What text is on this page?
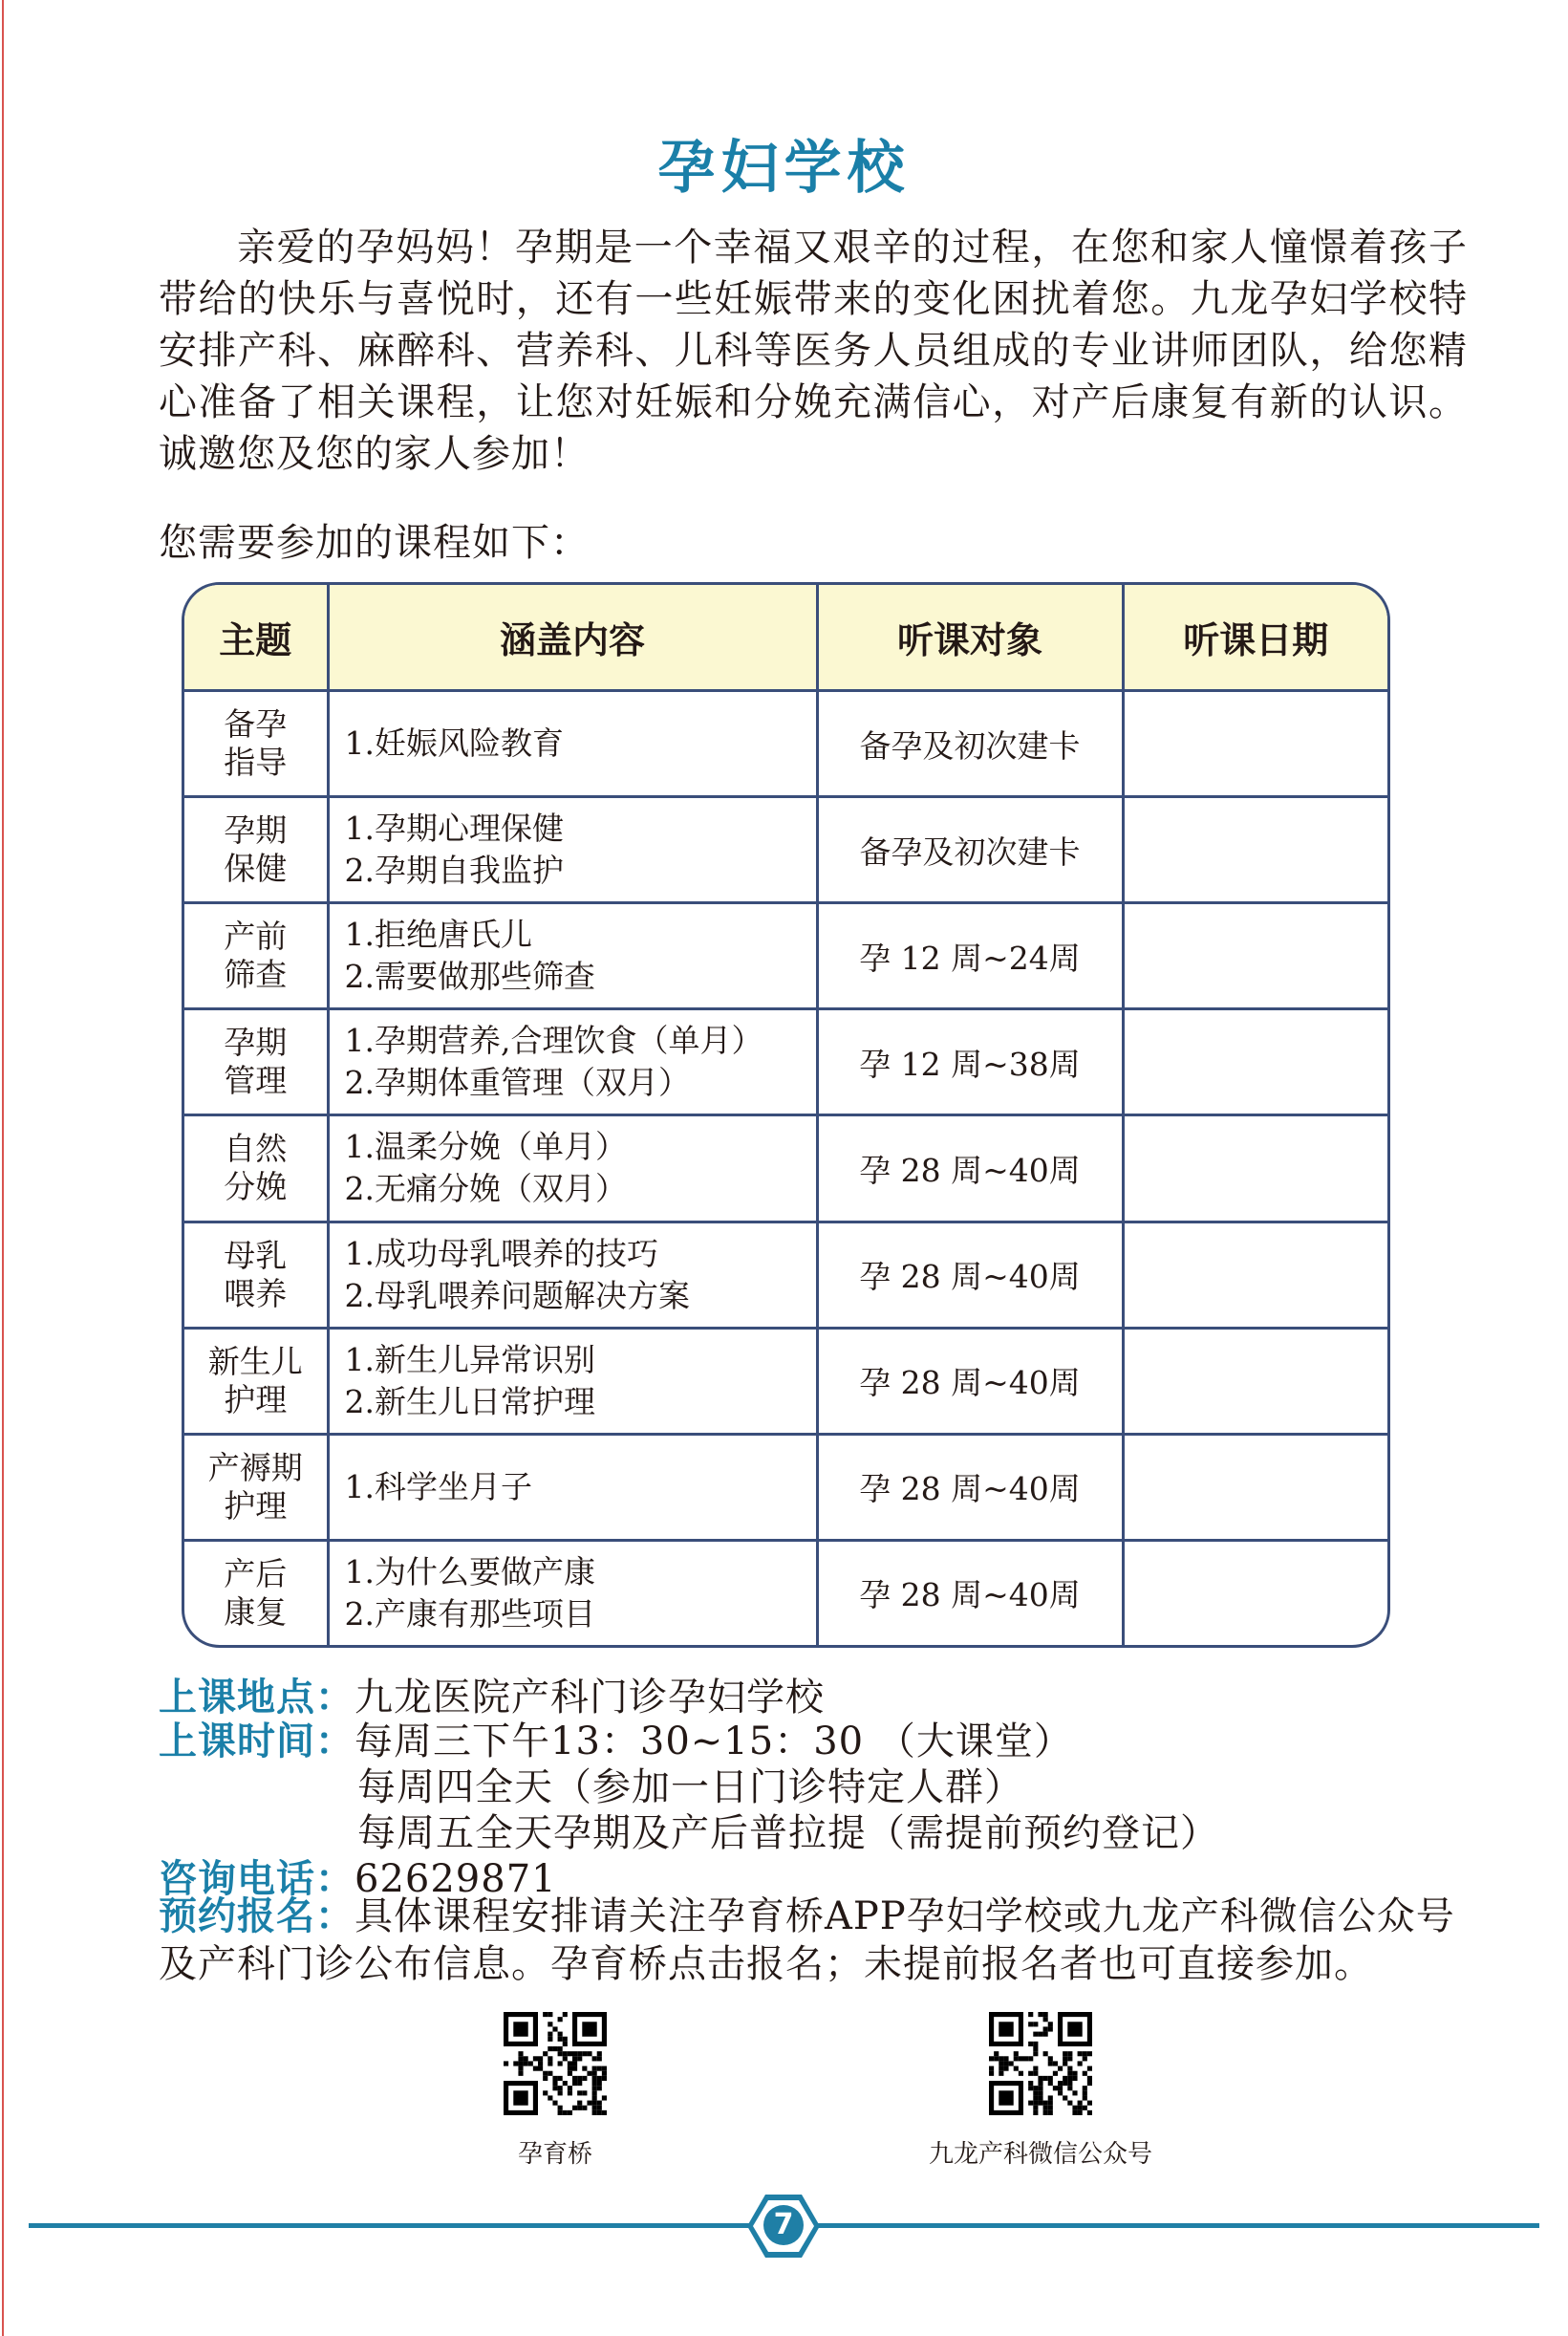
孕妇学校

亲爱的孕妈妈！孕期是一个幸福又艰辛的过程，在您和家人憧憬着孩子带给的快乐与喜悦时，还有一些妊娠带来的变化困扰着您。九龙孕妇学校特安排产科、麻醉科、营养科、儿科等医务人员组成的专业讲师团队，给您精心准备了相关课程，让您对妊娠和分娩充满信心，对产后康复有新的认识。诚邀您及您的家人参加！

您需要参加的课程如下：
主题	涵盖内容	听课对象	听课日期

备孕
指导	1.妊娠风险教育	备孕及初次建卡	

孕期
保健	1.孕期心理保健
2.孕期自我监护	备孕及初次建卡	

产前
筛查	1.拒绝唐氏儿
2.需要做那些筛查	孕 12 周~24周	

孕期
管理	1.孕期营养,合理饮食（单月）
2.孕期体重管理（双月）	孕 12 周~38周	

自然
分娩	1.温柔分娩（单月）
2.无痛分娩（双月）	孕 28 周~40周	

母乳
喂养	1.成功母乳喂养的技巧
2.母乳喂养问题解决方案	孕 28 周~40周	

新生儿
护理	1.新生儿异常识别
2.新生儿日常护理	孕 28 周~40周	

产褥期
护理	1.科学坐月子	孕 28 周~40周	

产后
康复	1.为什么要做产康
2.产康有那些项目	孕 28 周~40周	
上课地点：九龙医院产科门诊孕妇学校
上课时间：每周三下午13：30~15：30 （大课堂）
每周四全天（参加一日门诊特定人群）
每周五全天孕期及产后普拉提（需提前预约登记）
咨询电话：62629871

预约报名：具体课程安排请关注孕育桥APP孕妇学校或九龙产科微信公众号及产科门诊公布信息。孕育桥点击报名；未提前报名者也可直接参加。

孕育桥	九龙产科微信公众号
7
